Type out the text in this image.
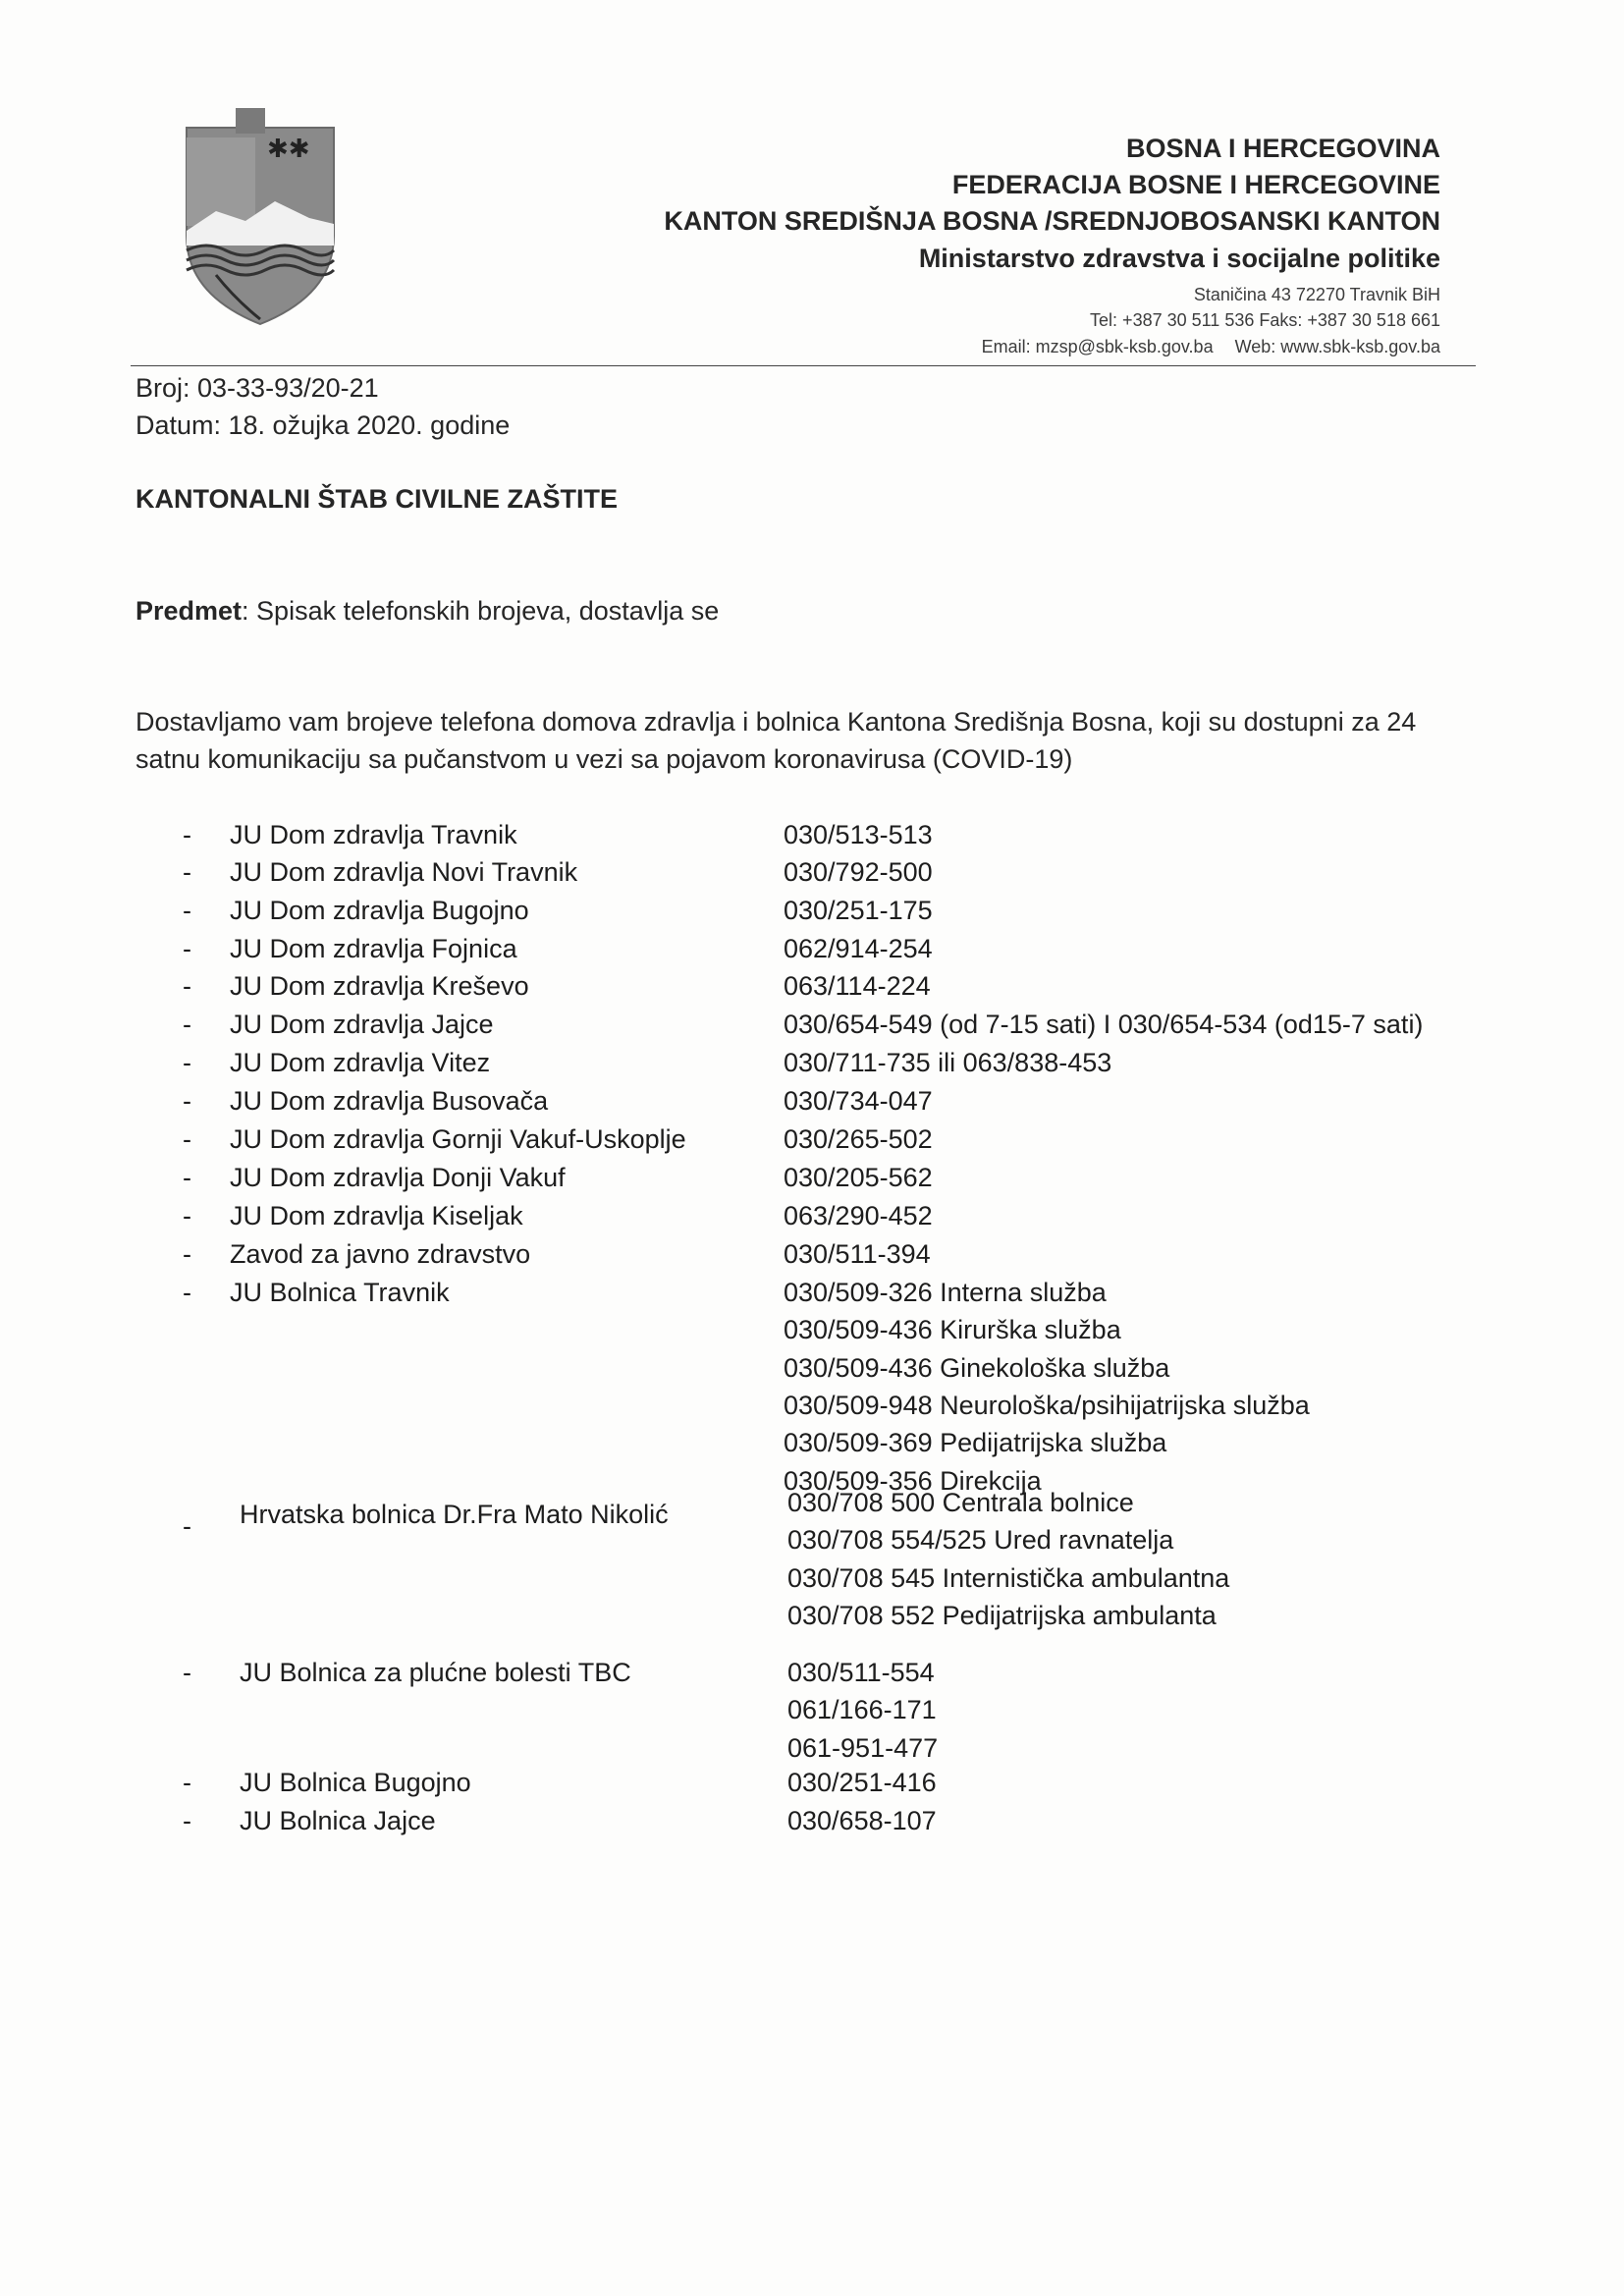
✱✱	BOSNA I HERCEGOVINA
FEDERACIJA BOSNE I HERCEGOVINE
KANTON SREDIŠNJA BOSNA /SREDNJOBOSANSKI KANTON
Ministarstvo zdravstva i socijalne politike
Staničina 43 72270 Travnik BiH
Tel: +387 30 511 536 Faks: +387 30 518 661
Email: mzsp@sbk-ksb.gov.ba Web: www.sbk-ksb.gov.ba
Broj: 03-33-93/20-21
Datum: 18. ožujka 2020. godine
KANTONALNI ŠTAB CIVILNE ZAŠTITE
Predmet: Spisak telefonskih brojeva, dostavlja se
Dostavljamo vam brojeve telefona domova zdravlja i bolnica Kantona Središnja Bosna, koji su dostupni za 24 satnu komunikaciju sa pučanstvom u vezi sa pojavom koronavirusa (COVID-19)
- JU Dom zdravlja Travnik	030/513-513
- JU Dom zdravlja Novi Travnik	030/792-500
- JU Dom zdravlja Bugojno	030/251-175
- JU Dom zdravlja Fojnica	062/914-254
- JU Dom zdravlja Kreševo	063/114-224
- JU Dom zdravlja Jajce	030/654-549 (od 7-15 sati) I 030/654-534 (od15-7 sati)
- JU Dom zdravlja Vitez	030/711-735 ili 063/838-453
- JU Dom zdravlja Busovača	030/734-047
- JU Dom zdravlja Gornji Vakuf-Uskoplje	030/265-502
- JU Dom zdravlja Donji Vakuf	030/205-562
- JU Dom zdravlja Kiseljak	063/290-452
- Zavod za javno zdravstvo	030/511-394
- JU Bolnica Travnik	030/509-326 Interna služba
030/509-436 Kirurška služba
030/509-436 Ginekološka služba
030/509-948 Neurološka/psihijatrijska služba
030/509-369 Pedijatrijska služba
030/509-356 Direkcija
- Hrvatska bolnica Dr.Fra Mato Nikolić	030/708 500 Centrala bolnice
030/708 554/525 Ured ravnatelja
030/708 545 Internistička ambulantna
030/708 552 Pedijatrijska ambulanta
- JU Bolnica za plućne bolesti TBC	030/511-554
061/166-171
061-951-477
- JU Bolnica Bugojno	030/251-416
- JU Bolnica Jajce	030/658-107
